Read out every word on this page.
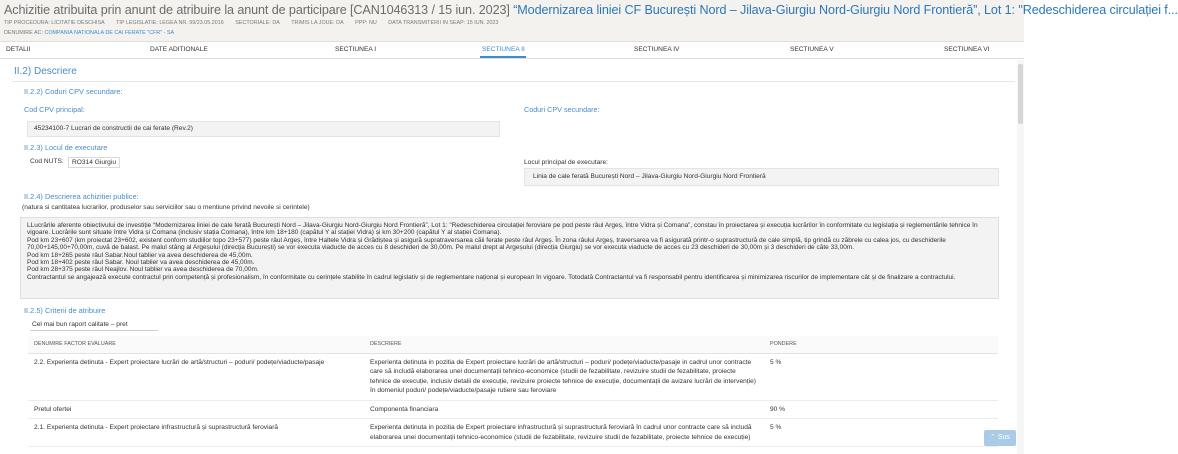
Achizitie atribuita prin anunt de atribuire la anunt de participare [CAN1046313 / 15 iun. 2023] “Modernizarea liniei CF București Nord – Jilava-Giurgiu Nord-Giurgiu Nord Frontieră”, Lot 1: "Redeschiderea circulației f...
TIP PROCEDURA: LICITATIE DESCHISA TIP LEGISLATIE: LEGEA NR. 99/23.05.2016 SECTORIALE: DA TRIMIS LA JOUE: DA PPP: NU DATA TRANSMITERII IN SEAP: 15 IUN. 2023
DENUMIRE AC: COMPANIA NATIONALA DE CAI FERATE "CFR" - SA
DETALII	DATE ADITIONALE	SECTIUNEA I	SECTIUNEA II	SECTIUNEA IV	SECTIUNEA V	SECTIUNEA VI
II.2) Descriere
II.2.2) Coduri CPV secundare:
Cod CPV principal:
45234100-7 Lucrari de constructii de cai ferate (Rev.2)
Coduri CPV secundare:
II.2.3) Locul de executare
Cod NUTS:	RO314 Giurgiu	Locul principal de executare:
Linia de cale ferată București Nord – Jilava-Giurgiu Nord-Giurgiu Nord Frontieră
II.2.4) Descrierea achizitiei publice:
(natura si cantitatea lucrarilor, produselor sau serviciilor sau o mentiune privind nevoile si cerintele)

LLucrările aferente obiectivului de investiție “Modernizarea liniei de cale ferată București Nord – Jilava-Giurgiu Nord-Giurgiu Nord Frontieră”, Lot 1: "Redeschiderea circulației feroviare pe pod peste râul Argeș, între Vidra și Comana”, constau în proiectarea și execuția lucrărilor în conformitate cu legislația și reglementările tehnice în vigoare. Lucrările sunt situate între Vidra și Comana (inclusiv stația Comana), între km 18+180 (capătul Y al stației Vidra) și km 30+200 (capătul Y al stației Comana).

Pod km 23+607 (km proiectat 23+602, existent conform studiilor topo 23+577) peste râul Argeș, între Haltele Vidra și Grădiștea și asigură supratraversarea căii ferate peste râul Argeș. În zona râului Argeș, traversarea va fi asigurată printr-o suprastructură de cale simplă, tip grindă cu zăbrele cu calea jos, cu deschiderile 70,00+145,00+70,00m, cuvă de balast. Pe malul stâng al Argeșului (direcția București) se vor executa viaducte de acces cu 8 deschideri de 30,00m. Pe malul drept al Argeșului (direcția Giurgiu) se vor executa viaducte de acces cu 23 deschideri de 30,00m și 3 deschideri de căte 33,00m.

Pod km 18+265 peste râul Sabar.Noul tablier va avea deschiderea de 45,00m.

Pod km 18+402 peste râul Sabar. Noul tablier va avea deschiderea de 45,00m.

Pod km 28+375 peste râul Neajlov. Noul tablier va avea deschiderea de 70,00m.

Contractantul se angajează execute contractul prin competență și profesionalism, în conformitate cu cerințele stabilite în cadrul legislativ și de reglementare național și european în vigoare. Totodată Contractantul va fi responsabil pentru identificarea și minimizarea riscurilor de implementare cât și de finalizare a contractului.

II.2.5) Criterii de atribuire
Cel mai bun raport calitate – pret
DENUMIRE FACTOR EVALUARE	DESCRIERE	PONDERE
2.2. Experienta detinuta - Expert proiectare lucrări de artă/structuri – poduri/ podețe/viaducte/pasaje	Experienta detinuta in pozitia de Expert proiectare lucrări de artă/structuri – poduri/ podețe/viaducte/pasaje in cadrul unor contracte care să includă elaborarea unei documentații tehnico-economice (studii de fezabilitate, revizuire studii de fezabilitate, proiecte tehnice de execuție, inclusiv detalii de execuție, revizuire proiecte tehnice de execuție, documentații de avizare lucrări de intervenție) în domeniul poduri/ podețe/viaducte/pasaje rutiere sau feroviare	5 %
Pretul ofertei	Componenta financiara	90 %
2.1. Experienta detinuta - Expert proiectare infrastructură și suprastructură feroviară	Experienta detinuta in pozitia de Expert proiectare infrastructură și suprastructură feroviară în cadrul unor contracte care să includă elaborarea unei documentații tehnico-economice (studii de fezabilitate, revizuire studii de fezabilitate, proiecte tehnice de execuție)	5 %
⌃ Sus
